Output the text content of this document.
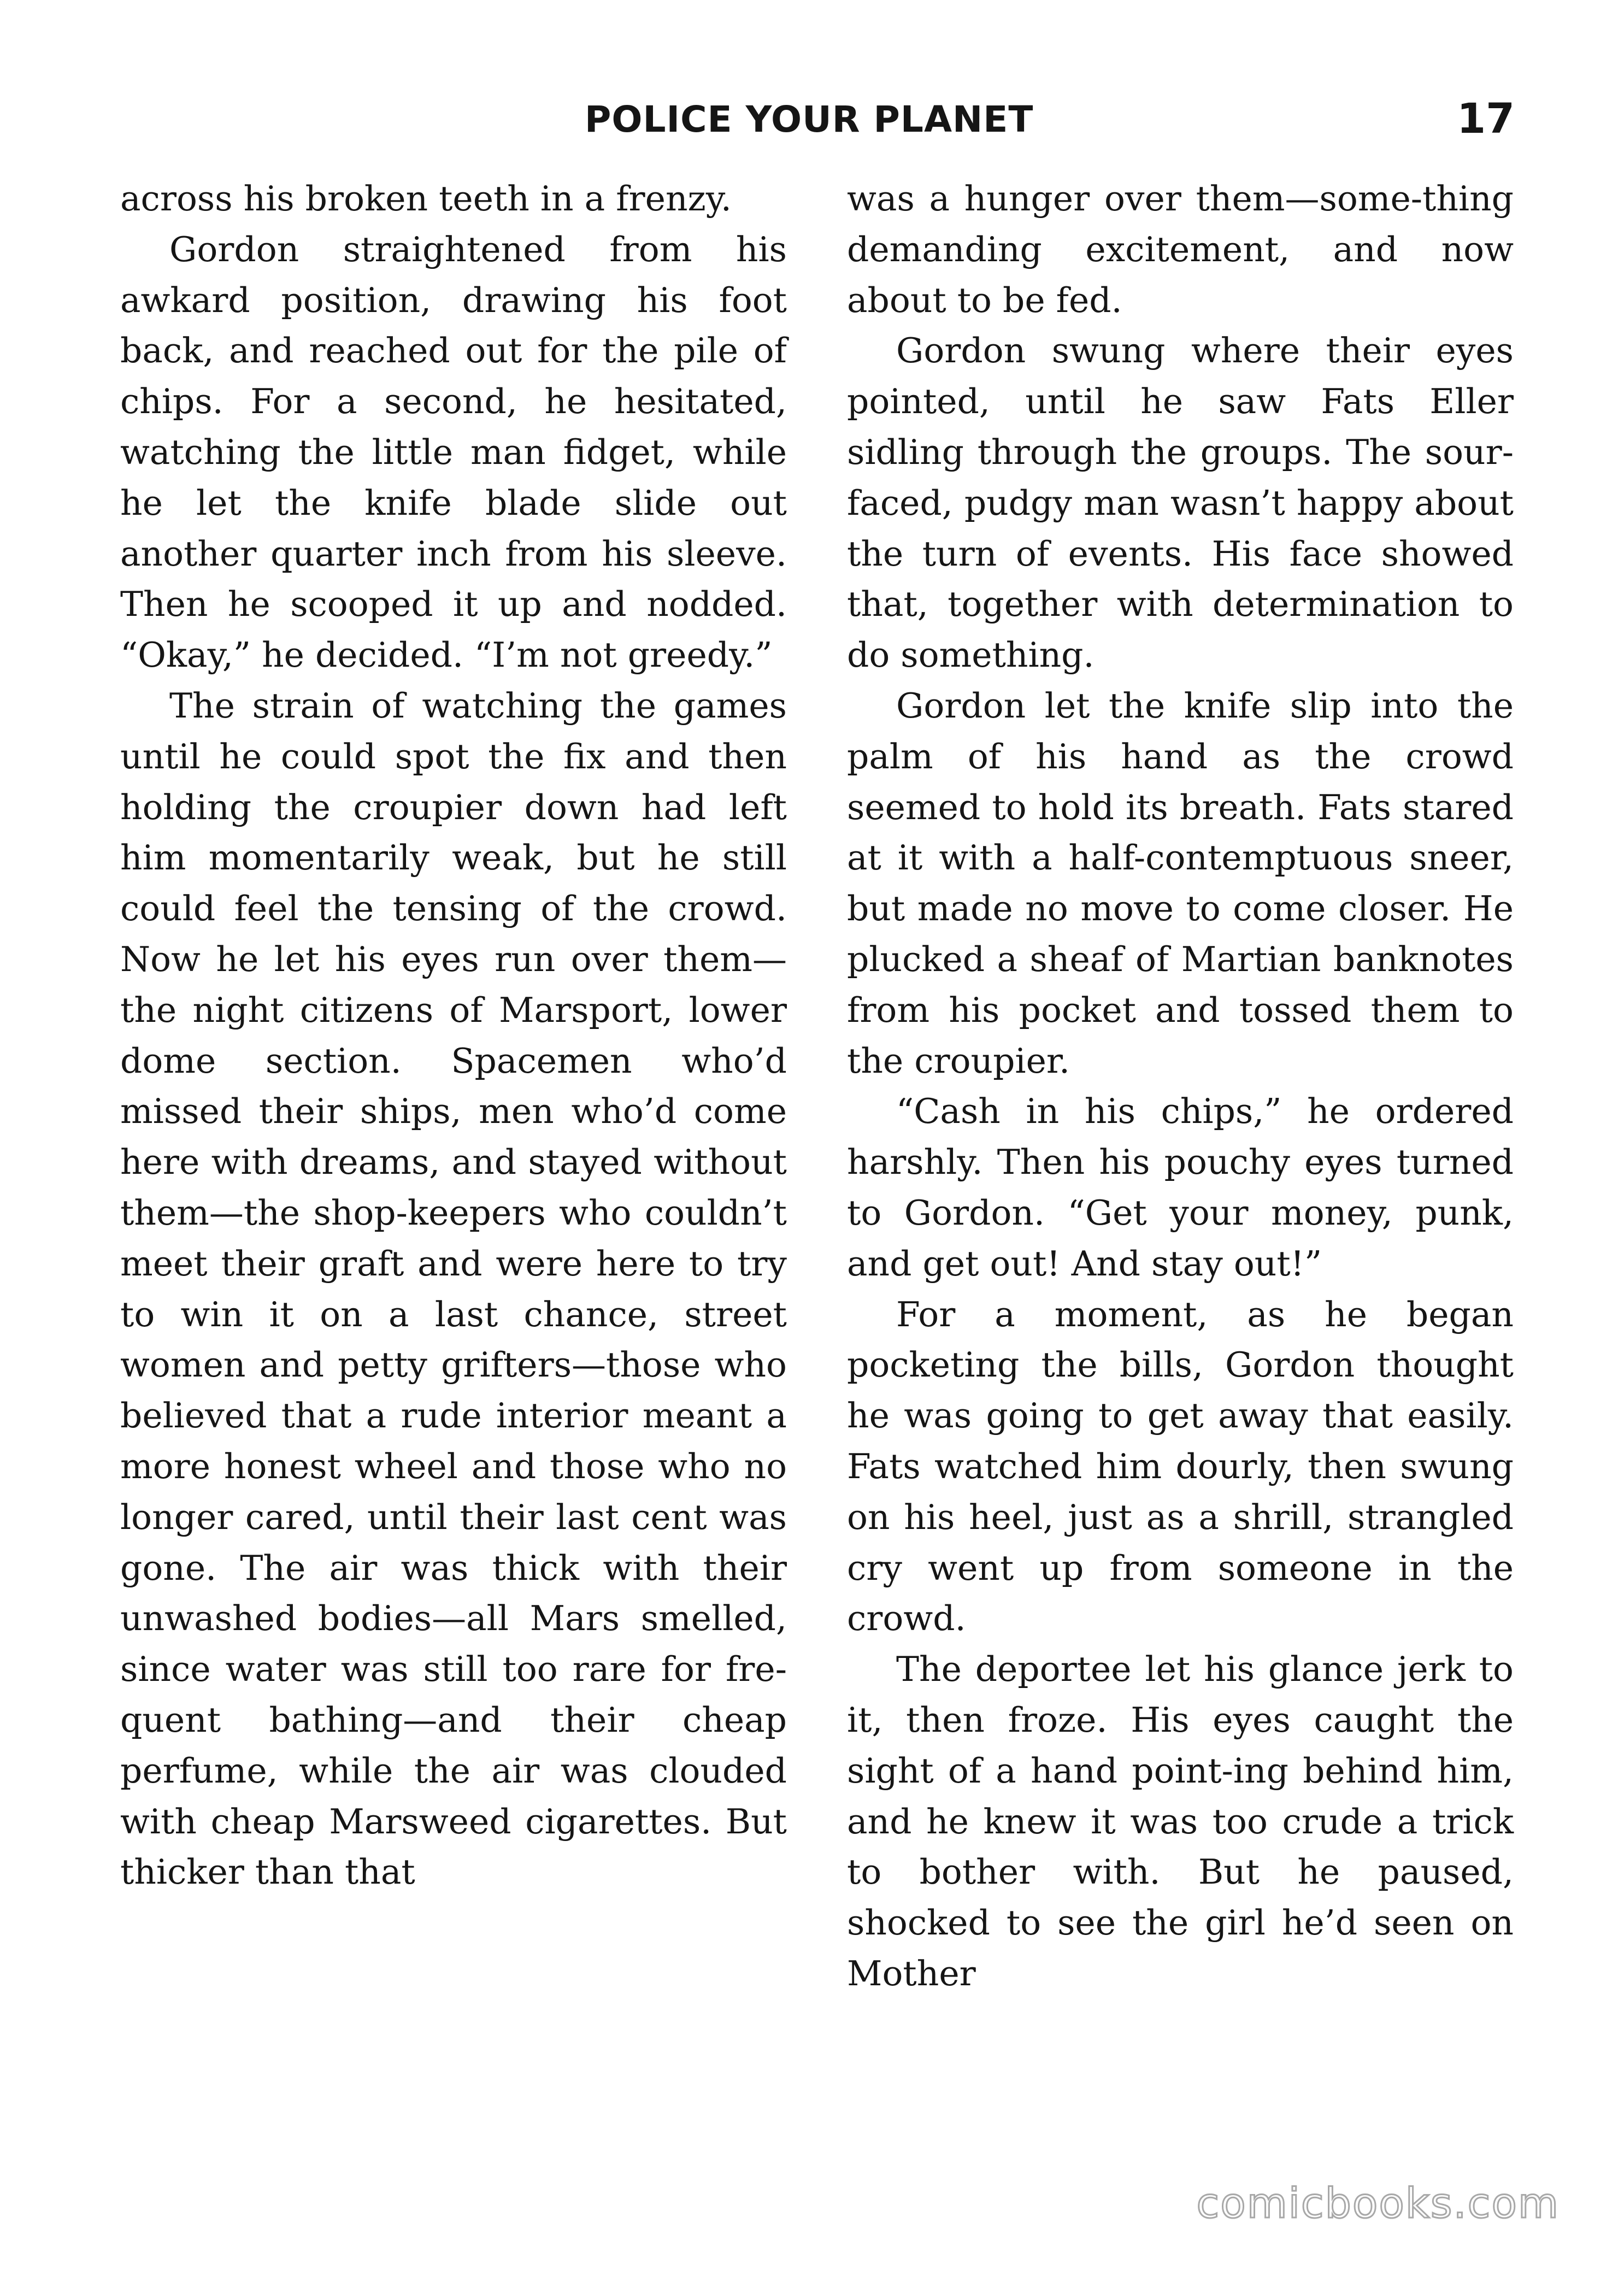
POLICE YOUR PLANET	17

across his broken teeth in a frenzy.

Gordon straightened from his awkard position, drawing his foot back, and reached out for the pile of chips. For a second, he hesitated, watching the little man fidget, while he let the knife blade slide out another quarter inch from his sleeve. Then he scooped it up and nodded. “Okay,” he decided. “I’m not greedy.”

The strain of watching the games until he could spot the fix and then holding the croupier down had left him momentarily weak, but he still could feel the tensing of the crowd. Now he let his eyes run over them—the night citizens of Marsport, lower dome section. Spacemen who’d missed their ships, men who’d come here with dreams, and stayed without them—the shop-keepers who couldn’t meet their graft and were here to try to win it on a last chance, street women and petty grifters—those who believed that a rude interior meant a more honest wheel and those who no longer cared, until their last cent was gone. The air was thick with their unwashed bodies—all Mars smelled, since water was still too rare for fre-quent bathing—and their cheap perfume, while the air was clouded with cheap Marsweed cigarettes. But thicker than that

was a hunger over them—some-thing demanding excitement, and now about to be fed.

Gordon swung where their eyes pointed, until he saw Fats Eller sidling through the groups. The sour-faced, pudgy man wasn’t happy about the turn of events. His face showed that, together with determination to do something.

Gordon let the knife slip into the palm of his hand as the crowd seemed to hold its breath. Fats stared at it with a half-contemptuous sneer, but made no move to come closer. He plucked a sheaf of Martian banknotes from his pocket and tossed them to the croupier.

“Cash in his chips,” he ordered harshly. Then his pouchy eyes turned to Gordon. “Get your money, punk, and get out! And stay out!”

For a moment, as he began pocketing the bills, Gordon thought he was going to get away that easily. Fats watched him dourly, then swung on his heel, just as a shrill, strangled cry went up from someone in the crowd.

The deportee let his glance jerk to it, then froze. His eyes caught the sight of a hand point-ing behind him, and he knew it was too crude a trick to bother with. But he paused, shocked to see the girl he’d seen on Mother

comicbooks.com
